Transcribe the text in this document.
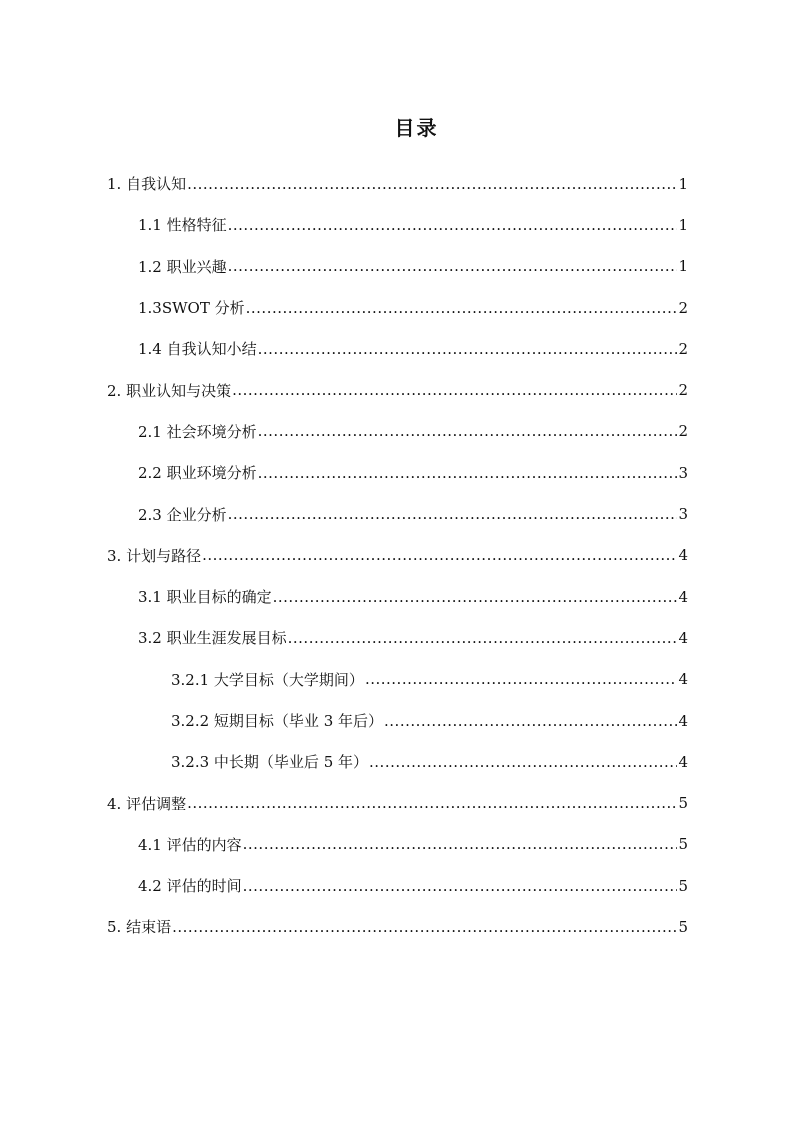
目录
1. 自我认知 .....	1
1.1 性格特征 .....	1
1.2 职业兴趣 .....	1
1.3SWOT 分析 .....	2
1.4 自我认知小结 .....	2
2. 职业认知与决策 .....	2
2.1 社会环境分析 .....	2
2.2 职业环境分析 .....	3
2.3 企业分析 .....	3
3. 计划与路径 .....	4
3.1 职业目标的确定 .....	4
3.2 职业生涯发展目标 .....	4
3.2.1 大学目标（大学期间） .....	4
3.2.2 短期目标（毕业 3 年后） .....	4
3.2.3 中长期（毕业后 5 年） .....	4
4. 评估调整 .....	5
4.1 评估的内容 .....	5
4.2 评估的时间 .....	5
5. 结束语 .....	5
